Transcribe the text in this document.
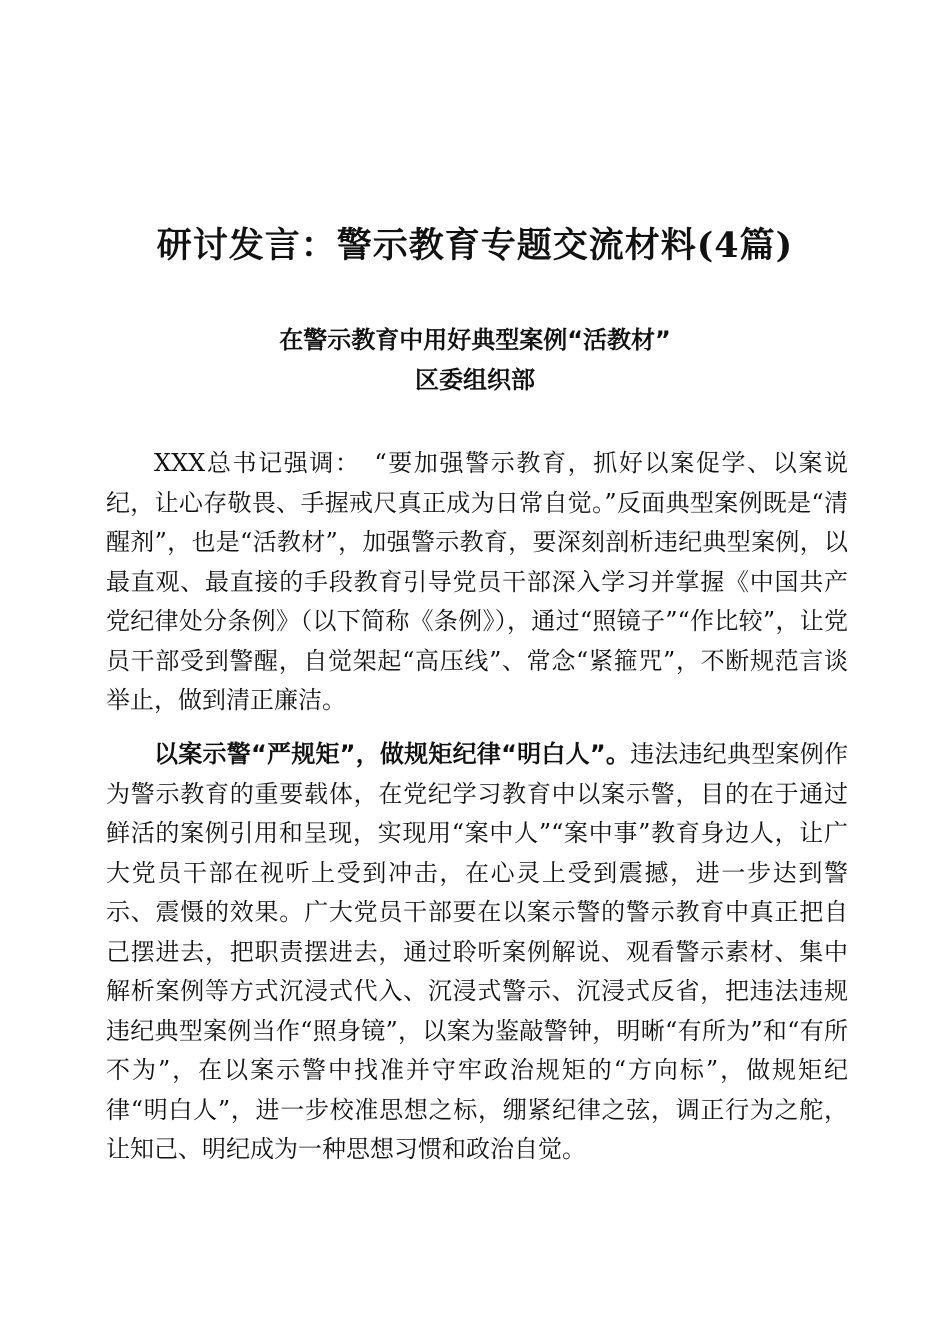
研讨发言：警示教育专题交流材料(4篇)
在警示教育中用好典型案例“活教材”
区委组织部

XXX总书记强调：　“要加强警示教育，抓好以案促学、以案说纪，让心存敬畏、手握戒尺真正成为日常自觉。”反面典型案例既是“清醒剂”，也是“活教材”，加强警示教育，要深刻剖析违纪典型案例，以最直观、最直接的手段教育引导党员干部深入学习并掌握《中国共产党纪律处分条例》（以下简称《条例》），通过“照镜子”“作比较”，让党员干部受到警醒，自觉架起“高压线”、常念“紧箍咒”，不断规范言谈举止，做到清正廉洁。

以案示警“严规矩”，做规矩纪律“明白人”。违法违纪典型案例作为警示教育的重要载体，在党纪学习教育中以案示警，目的在于通过鲜活的案例引用和呈现，实现用“案中人”“案中事”教育身边人，让广大党员干部在视听上受到冲击，在心灵上受到震撼，进一步达到警示、震慑的效果。广大党员干部要在以案示警的警示教育中真正把自己摆进去，把职责摆进去，通过聆听案例解说、观看警示素材、集中解析案例等方式沉浸式代入、沉浸式警示、沉浸式反省，把违法违规违纪典型案例当作“照身镜”，以案为鉴敲警钟，明晰“有所为”和“有所不为”，在以案示警中找准并守牢政治规矩的“方向标”，做规矩纪律“明白人”，进一步校准思想之标，绷紧纪律之弦，调正行为之舵，让知己、明纪成为一种思想习惯和政治自觉。
